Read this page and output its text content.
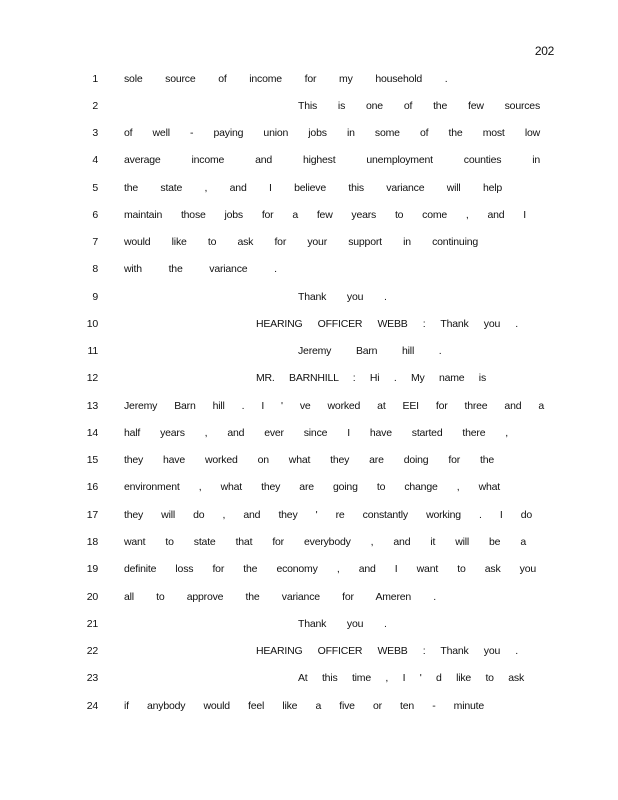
202
1 sole source of income for my household .
2	This is one of the few sources
3 of well - paying union jobs in some of the most low
4 average income and highest unemployment counties in
5 the state , and I believe this variance will help
6 maintain those jobs for a few years to come , and I
7 would like to ask for your support in continuing
8 with the variance .
9	Thank you .
10	HEARING OFFICER WEBB : Thank you .
11	Jeremy Barn hill .
12	MR. BARNHILL : Hi . My name is
13 Jeremy Barn hill . I ' ve worked at EEI for three and a
14 half years , and ever since I have started there ,
15 they have worked on what they are doing for the
16 environment , what they are going to change , what
17 they will do , and they ' re constantly working . I do
18 want to state that for everybody , and it will be a
19 definite loss for the economy , and I want to ask you
20 all to approve the variance for Ameren .
21	Thank you .
22	HEARING OFFICER WEBB : Thank you .
23	At this time , I ' d like to ask
24 if anybody would feel like a five or ten - minute
